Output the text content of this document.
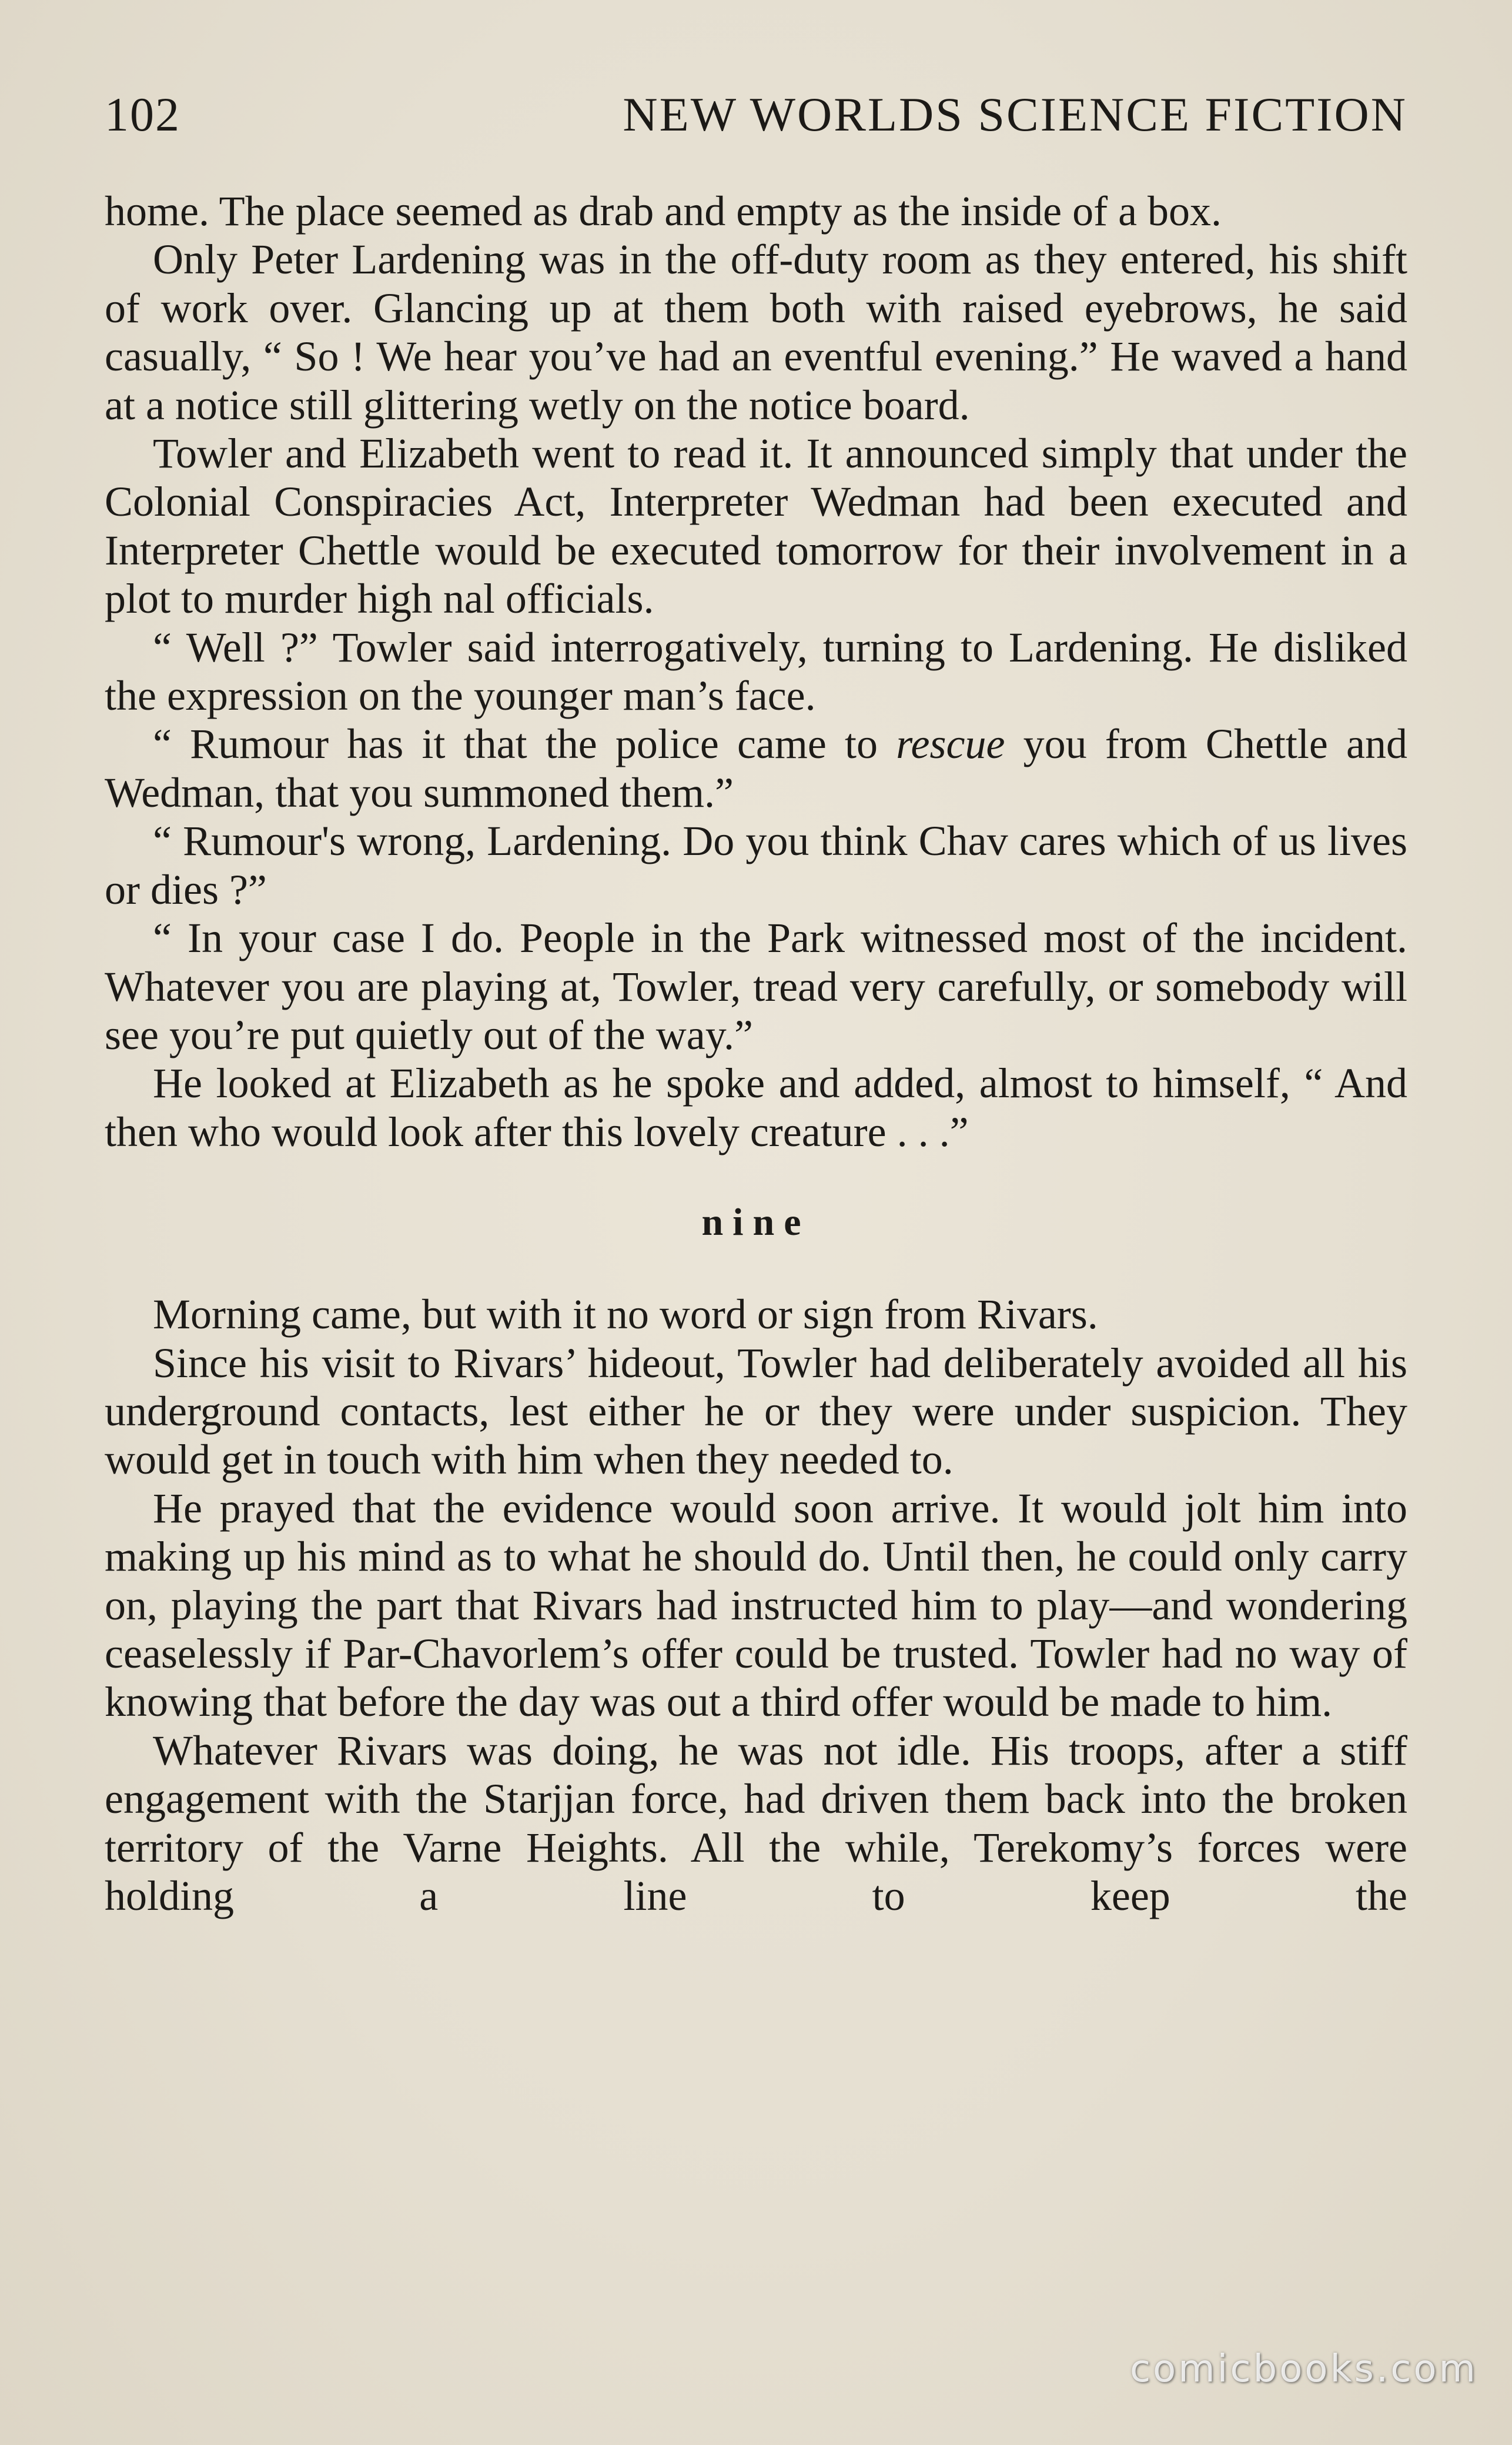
102	NEW WORLDS SCIENCE FICTION

home. The place seemed as drab and empty as the inside of a box.

Only Peter Lardening was in the off-duty room as they entered, his shift of work over. Glancing up at them both with raised eyebrows, he said casually, “ So ! We hear you’ve had an eventful evening.” He waved a hand at a notice still glittering wetly on the notice board.

Towler and Elizabeth went to read it. It announced simply that under the Colonial Conspiracies Act, Interpreter Wedman had been executed and Interpreter Chettle would be executed tomorrow for their involvement in a plot to murder high nal officials.

“ Well ?” Towler said interrogatively, turning to Lardening. He disliked the expression on the younger man’s face.

“ Rumour has it that the police came to rescue you from Chettle and Wedman, that you summoned them.”

“ Rumour's wrong, Lardening. Do you think Chav cares which of us lives or dies ?”

“ In your case I do. People in the Park witnessed most of the incident. Whatever you are playing at, Towler, tread very carefully, or somebody will see you’re put quietly out of the way.”

He looked at Elizabeth as he spoke and added, almost to himself, “ And then who would look after this lovely creature . . .”

nine

Morning came, but with it no word or sign from Rivars.

Since his visit to Rivars’ hideout, Towler had deliberately avoided all his underground contacts, lest either he or they were under suspicion. They would get in touch with him when they needed to.

He prayed that the evidence would soon arrive. It would jolt him into making up his mind as to what he should do. Until then, he could only carry on, playing the part that Rivars had instructed him to play—and wondering ceaselessly if Par-Chavorlem’s offer could be trusted. Towler had no way of knowing that before the day was out a third offer would be made to him.

Whatever Rivars was doing, he was not idle. His troops, after a stiff engagement with the Starjjan force, had driven them back into the broken territory of the Varne Heights. All the while, Terekomy’s forces were holding a line to keep the

comicbooks.com
